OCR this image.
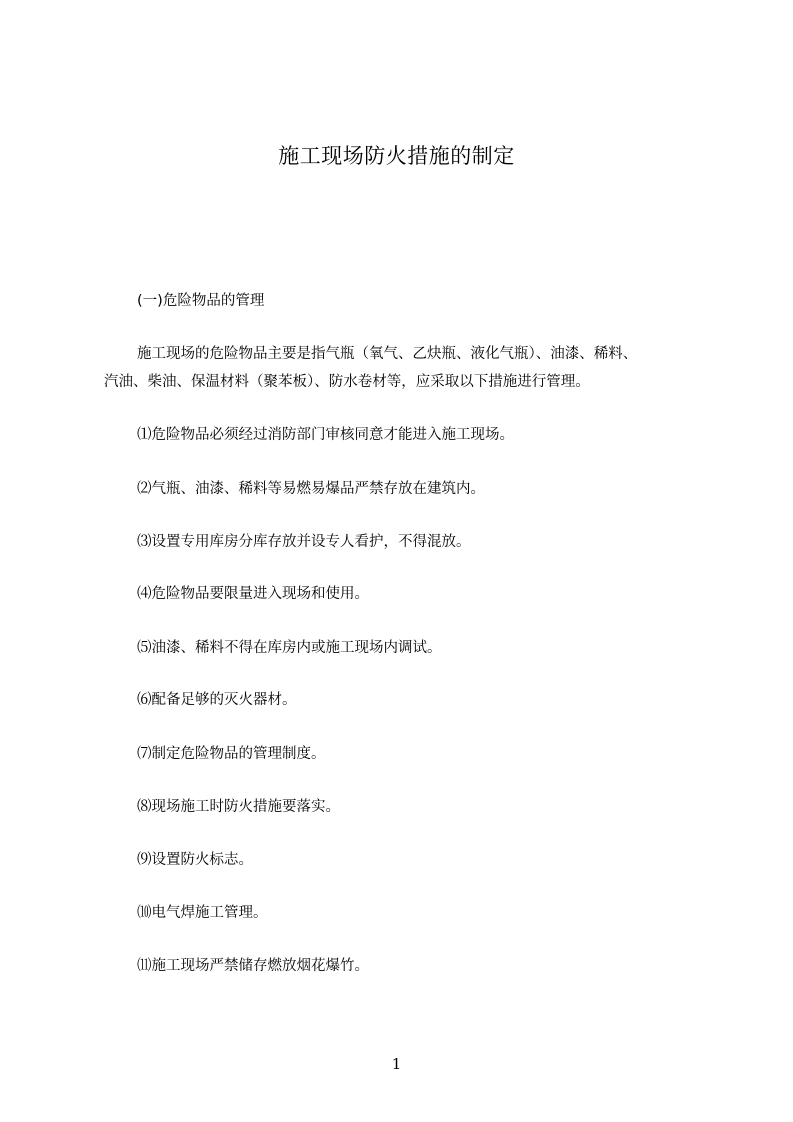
施工现场防火措施的制定
(一)危险物品的管理
施工现场的危险物品主要是指气瓶（氧气、乙炔瓶、液化气瓶）、油漆、稀料、
汽油、柴油、保温材料（聚苯板）、防水卷材等，应采取以下措施进行管理。
⑴危险物品必须经过消防部门审核同意才能进入施工现场。
⑵气瓶、油漆、稀料等易燃易爆品严禁存放在建筑内。
⑶设置专用库房分库存放并设专人看护，不得混放。
⑷危险物品要限量进入现场和使用。
⑸油漆、稀料不得在库房内或施工现场内调试。
⑹配备足够的灭火器材。
⑺制定危险物品的管理制度。
⑻现场施工时防火措施要落实。
⑼设置防火标志。
⑽电气焊施工管理。
⑾施工现场严禁储存燃放烟花爆竹。
1
